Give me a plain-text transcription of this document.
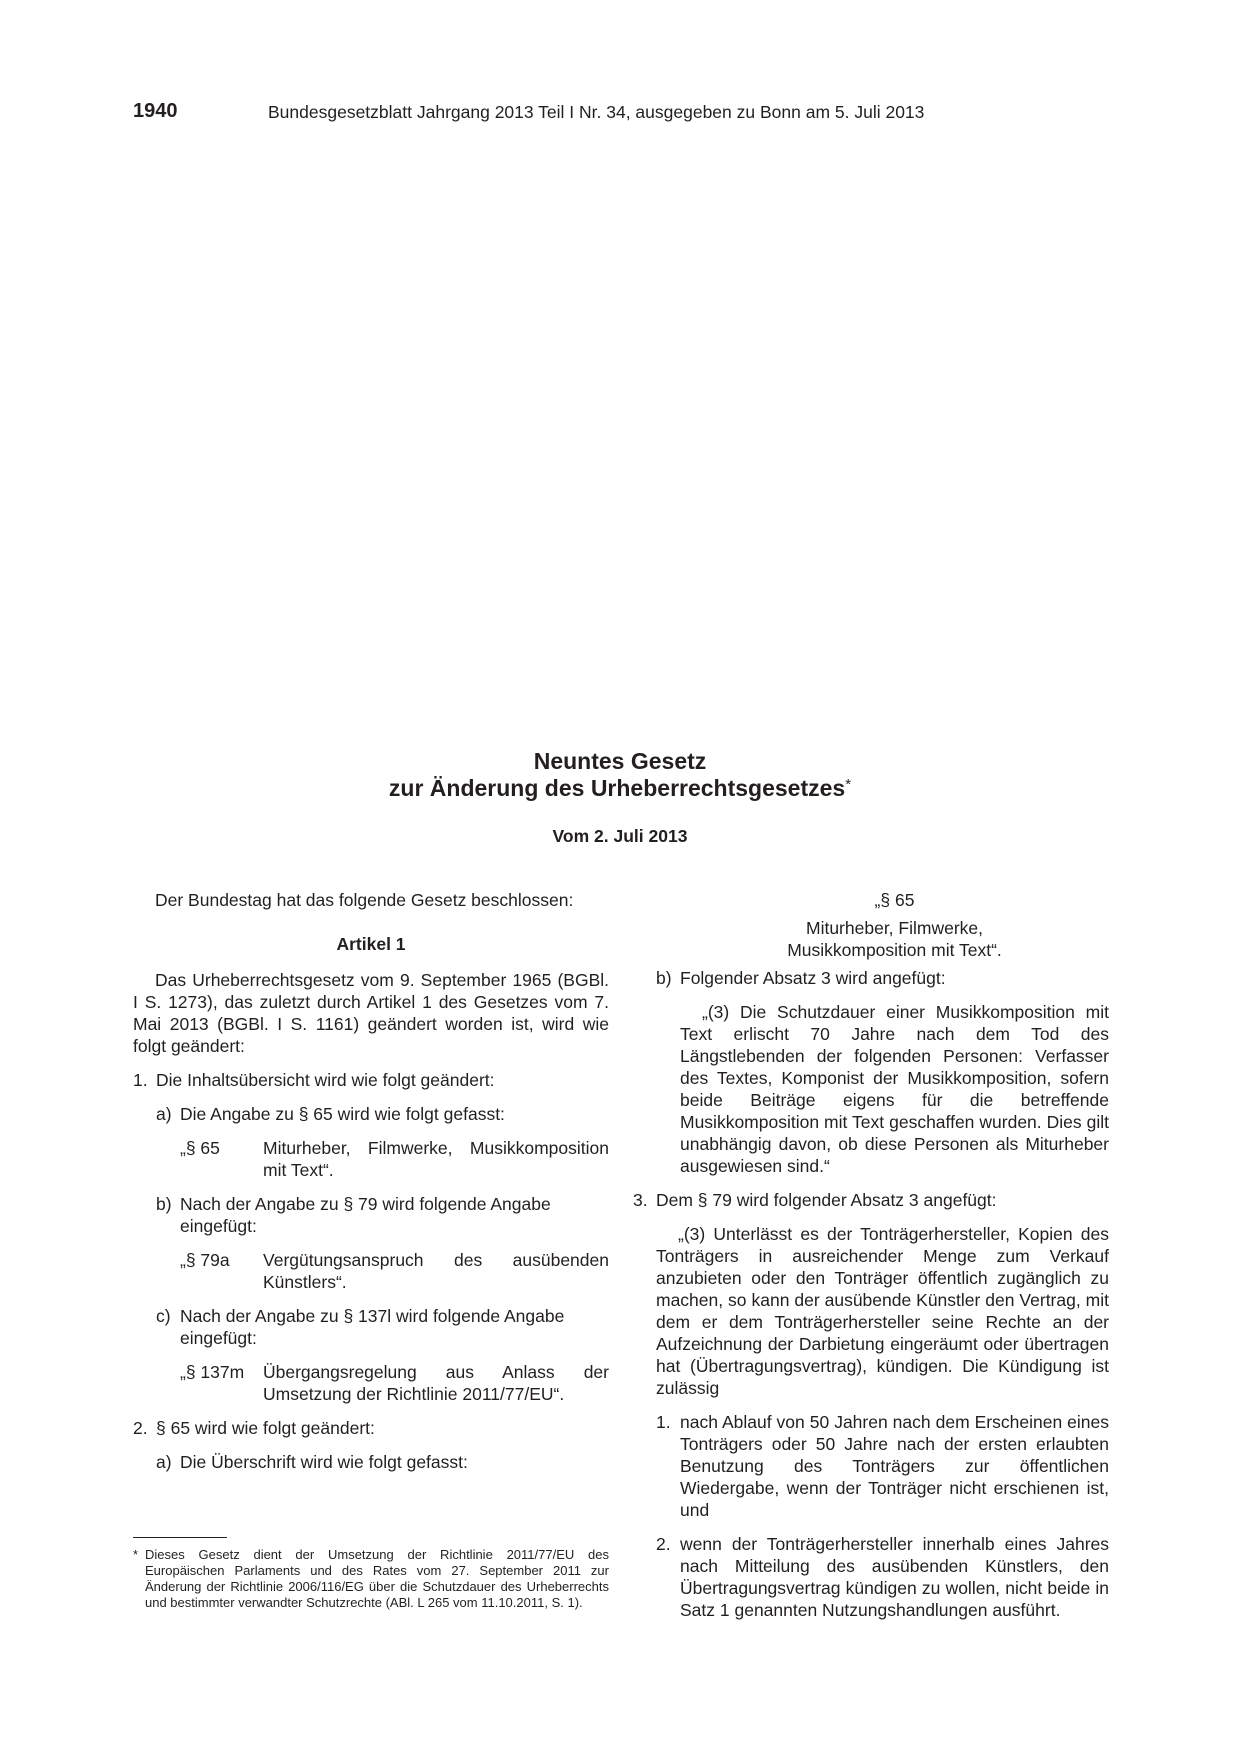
1940	Bundesgesetzblatt Jahrgang 2013 Teil I Nr. 34, ausgegeben zu Bonn am 5. Juli 2013
Neuntes Gesetz
zur Änderung des Urheberrechtsgesetzes*
Vom 2. Juli 2013

Der Bundestag hat das folgende Gesetz beschlossen:

Artikel 1

Das Urheberrechtsgesetz vom 9. September 1965 (BGBl. I S. 1273), das zuletzt durch Artikel 1 des Gesetzes vom 7. Mai 2013 (BGBl. I S. 1161) geändert worden ist, wird wie folgt geändert:

1. Die Inhaltsübersicht wird wie folgt geändert:
a) Die Angabe zu § 65 wird wie folgt gefasst:
„§ 65	Miturheber, Filmwerke, Musikkomposition mit Text“.
b) Nach der Angabe zu § 79 wird folgende Angabe eingefügt:
„§ 79a	Vergütungsanspruch des ausübenden Künstlers“.
c) Nach der Angabe zu § 137l wird folgende Angabe eingefügt:
„§ 137m	Übergangsregelung aus Anlass der Umsetzung der Richtlinie 2011/77/EU“.
2. § 65 wird wie folgt geändert:
a) Die Überschrift wird wie folgt gefasst:

„§ 65

Miturheber, Filmwerke,

Musikkomposition mit Text“.

b) Folgender Absatz 3 wird angefügt:

„(3) Die Schutzdauer einer Musikkomposition mit Text erlischt 70 Jahre nach dem Tod des Längstlebenden der folgenden Personen: Verfasser des Textes, Komponist der Musikkomposition, sofern beide Beiträge eigens für die betreffende Musikkomposition mit Text geschaffen wurden. Dies gilt unabhängig davon, ob diese Personen als Miturheber ausgewiesen sind.“

3. Dem § 79 wird folgender Absatz 3 angefügt:

„(3) Unterlässt es der Tonträgerhersteller, Kopien des Tonträgers in ausreichender Menge zum Verkauf anzubieten oder den Tonträger öffentlich zugänglich zu machen, so kann der ausübende Künstler den Vertrag, mit dem er dem Tonträgerhersteller seine Rechte an der Aufzeichnung der Darbietung eingeräumt oder übertragen hat (Übertragungsvertrag), kündigen. Die Kündigung ist zulässig

1. nach Ablauf von 50 Jahren nach dem Erscheinen eines Tonträgers oder 50 Jahre nach der ersten erlaubten Benutzung des Tonträgers zur öffentlichen Wiedergabe, wenn der Tonträger nicht erschienen ist, und
2. wenn der Tonträgerhersteller innerhalb eines Jahres nach Mitteilung des ausübenden Künstlers, den Übertragungsvertrag kündigen zu wollen, nicht beide in Satz 1 genannten Nutzungshandlungen ausführt.
* Dieses Gesetz dient der Umsetzung der Richtlinie 2011/77/EU des Europäischen Parlaments und des Rates vom 27. September 2011 zur Änderung der Richtlinie 2006/116/EG über die Schutzdauer des Urheberrechts und bestimmter verwandter Schutzrechte (ABl. L 265 vom 11.10.2011, S. 1).
